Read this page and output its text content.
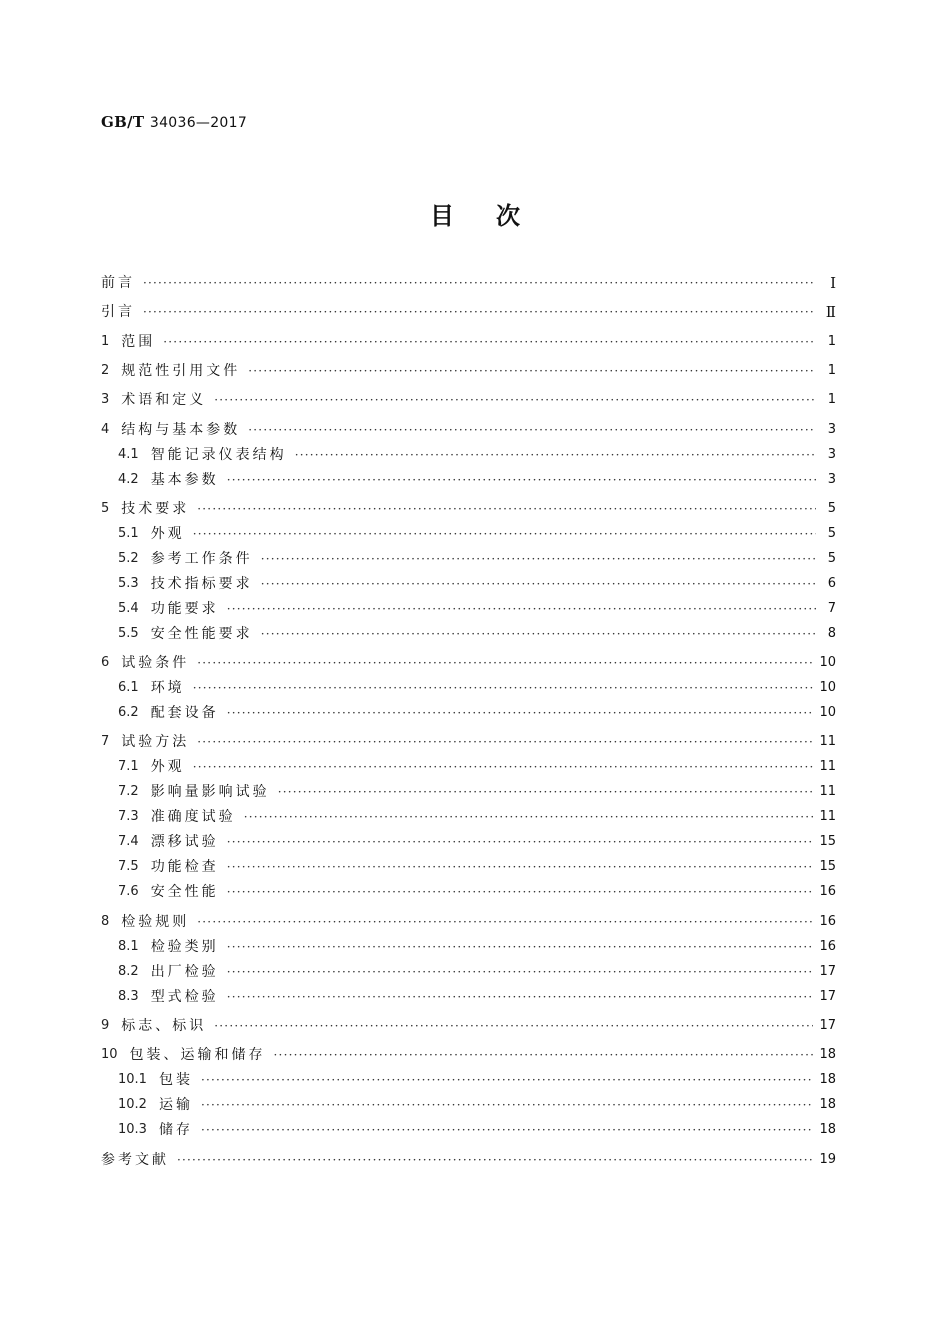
GB/T 34036—2017
目 次
前言 ·····	Ⅰ
引言 ·····	Ⅱ
1 范围 ·····	1
2 规范性引用文件 ·····	1
3 术语和定义 ·····	1
4 结构与基本参数 ·····	3
4.1 智能记录仪表结构 ·····	3
4.2 基本参数 ·····	3
5 技术要求 ·····	5
5.1 外观 ·····	5
5.2 参考工作条件 ·····	5
5.3 技术指标要求 ·····	6
5.4 功能要求 ·····	7
5.5 安全性能要求 ·····	8
6 试验条件 ·····	10
6.1 环境 ·····	10
6.2 配套设备 ·····	10
7 试验方法 ·····	11
7.1 外观 ·····	11
7.2 影响量影响试验 ·····	11
7.3 准确度试验 ·····	11
7.4 漂移试验 ·····	15
7.5 功能检查 ·····	15
7.6 安全性能 ·····	16
8 检验规则 ·····	16
8.1 检验类别 ·····	16
8.2 出厂检验 ·····	17
8.3 型式检验 ·····	17
9 标志、标识 ·····	17
10 包装、运输和储存 ·····	18
10.1 包装 ·····	18
10.2 运输 ·····	18
10.3 储存 ·····	18
参考文献 ·····	19
